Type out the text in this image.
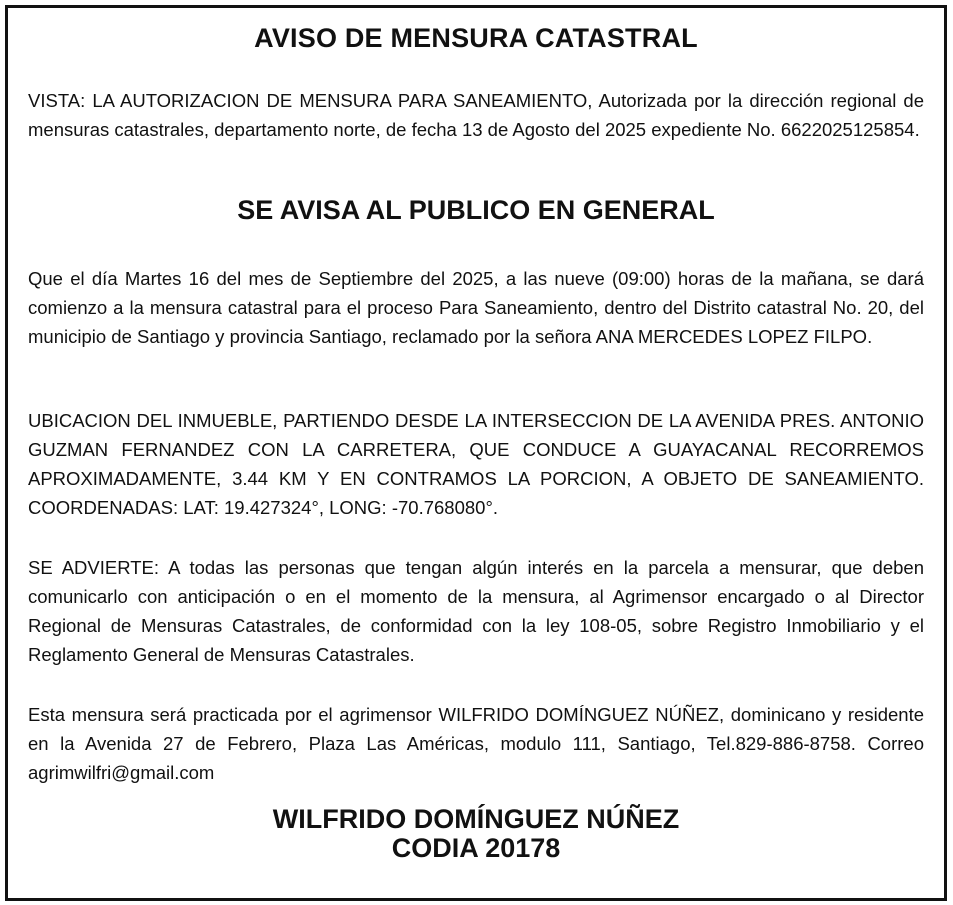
AVISO DE MENSURA CATASTRAL
VISTA: LA AUTORIZACION DE MENSURA PARA SANEAMIENTO, Autorizada por la dirección regional de mensuras catastrales, departamento norte, de fecha 13 de Agosto del 2025 expediente No. 6622025125854.
SE AVISA AL PUBLICO EN GENERAL
Que el día Martes 16 del mes de Septiembre del 2025, a las nueve (09:00) horas de la mañana, se dará comienzo a la mensura catastral para el proceso Para Saneamiento, dentro del Distrito catastral No. 20, del municipio de Santiago y provincia Santiago, reclamado por la señora ANA MERCEDES LOPEZ FILPO.
UBICACION DEL INMUEBLE, PARTIENDO DESDE LA INTERSECCION DE LA AVENIDA PRES. ANTONIO GUZMAN FERNANDEZ CON LA CARRETERA, QUE CONDUCE A GUAYACANAL RECORREMOS APROXIMADAMENTE, 3.44 KM Y EN CONTRAMOS LA PORCION, A OBJETO DE SANEAMIENTO. COORDENADAS: LAT: 19.427324°, LONG: -70.768080°.
SE ADVIERTE: A todas las personas que tengan algún interés en la parcela a mensurar, que deben comunicarlo con anticipación o en el momento de la mensura, al Agrimensor encargado o al Director Regional de Mensuras Catastrales, de conformidad con la ley 108-05, sobre Registro Inmobiliario y el Reglamento General de Mensuras Catastrales.
Esta mensura será practicada por el agrimensor WILFRIDO DOMÍNGUEZ NÚÑEZ, dominicano y residente en la Avenida 27 de Febrero, Plaza Las Américas, modulo 111, Santiago, Tel.829-886-8758. Correo agrimwilfri@gmail.com
WILFRIDO DOMÍNGUEZ NÚÑEZ
CODIA 20178
